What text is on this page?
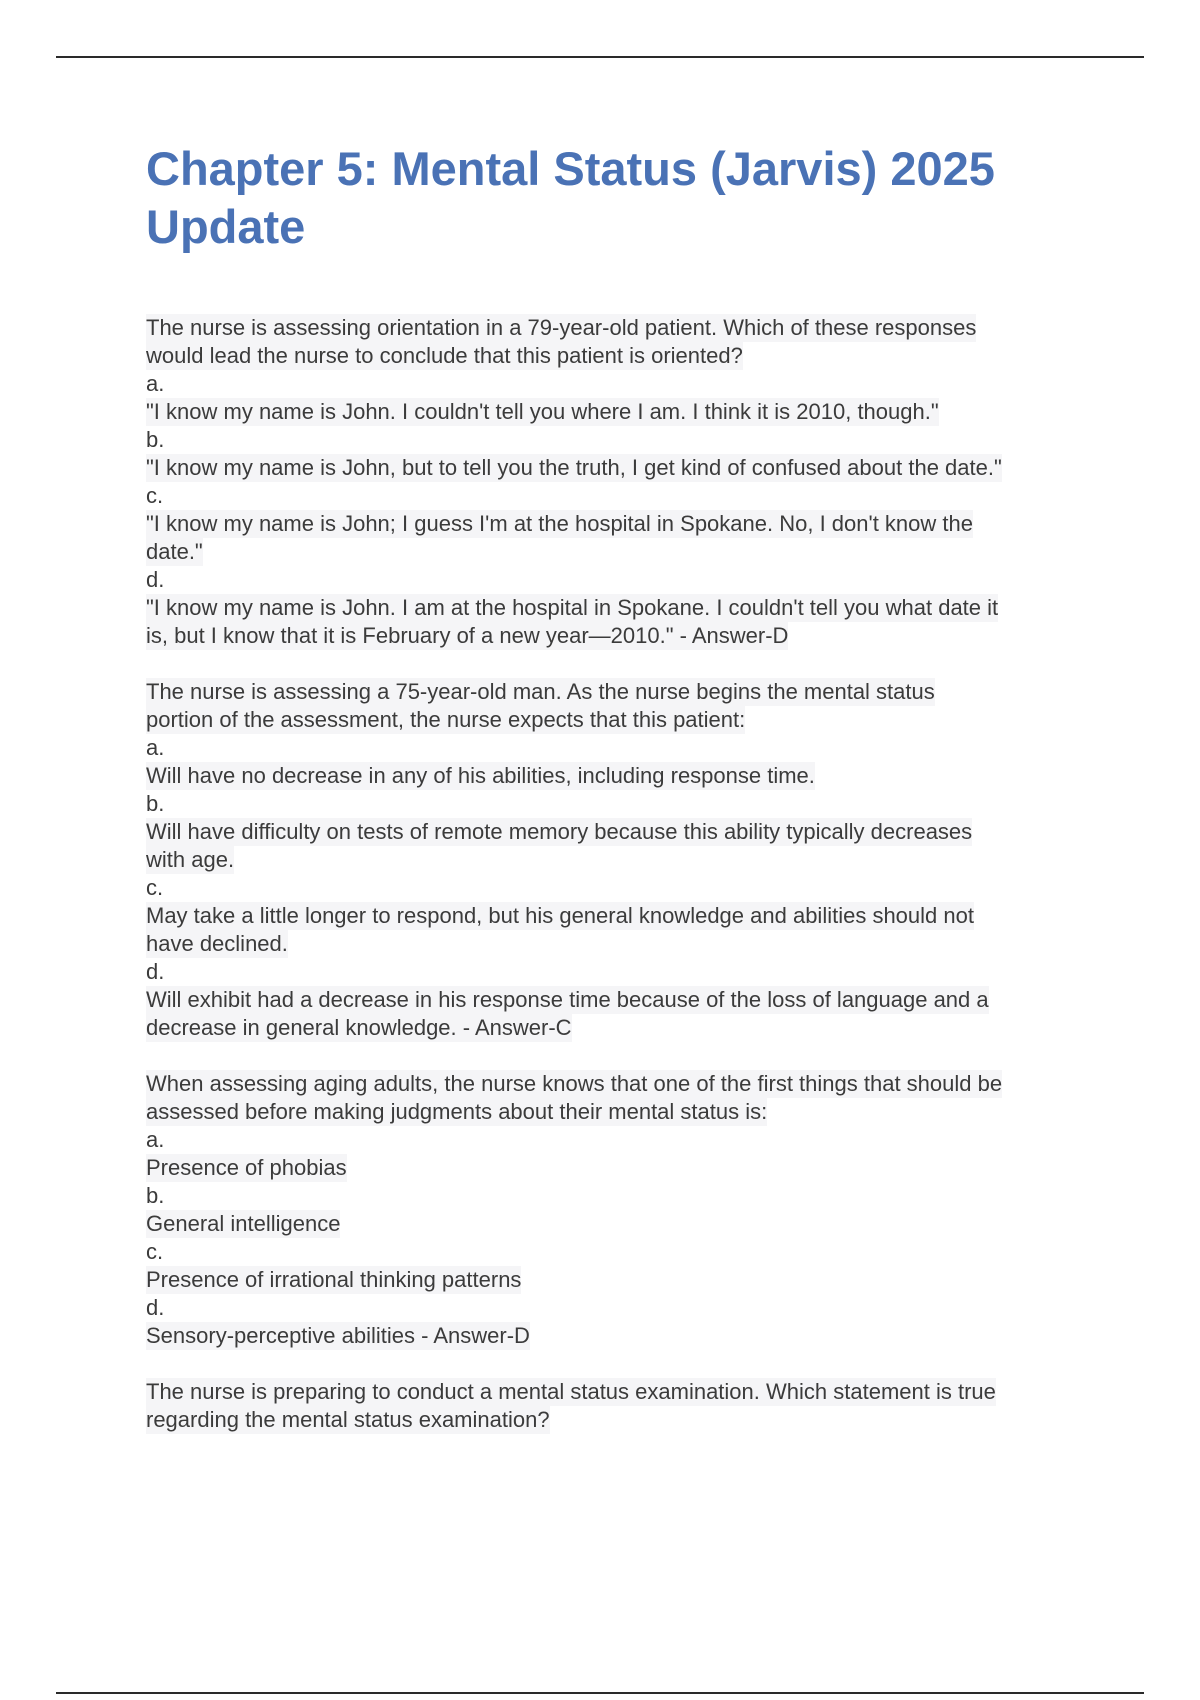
Chapter 5: Mental Status (Jarvis) 2025 Update
The nurse is assessing orientation in a 79-year-old patient. Which of these responses
would lead the nurse to conclude that this patient is oriented?
a.
"I know my name is John. I couldn't tell you where I am. I think it is 2010, though."
b.
"I know my name is John, but to tell you the truth, I get kind of confused about the date."
c.
"I know my name is John; I guess I'm at the hospital in Spokane. No, I don't know the
date."
d.
"I know my name is John. I am at the hospital in Spokane. I couldn't tell you what date it
is, but I know that it is February of a new year—2010." - Answer-D
The nurse is assessing a 75-year-old man. As the nurse begins the mental status
portion of the assessment, the nurse expects that this patient:
a.
Will have no decrease in any of his abilities, including response time.
b.
Will have difficulty on tests of remote memory because this ability typically decreases
with age.
c.
May take a little longer to respond, but his general knowledge and abilities should not
have declined.
d.
Will exhibit had a decrease in his response time because of the loss of language and a
decrease in general knowledge. - Answer-C
When assessing aging adults, the nurse knows that one of the first things that should be
assessed before making judgments about their mental status is:
a.
Presence of phobias
b.
General intelligence
c.
Presence of irrational thinking patterns
d.
Sensory-perceptive abilities - Answer-D
The nurse is preparing to conduct a mental status examination. Which statement is true
regarding the mental status examination?
